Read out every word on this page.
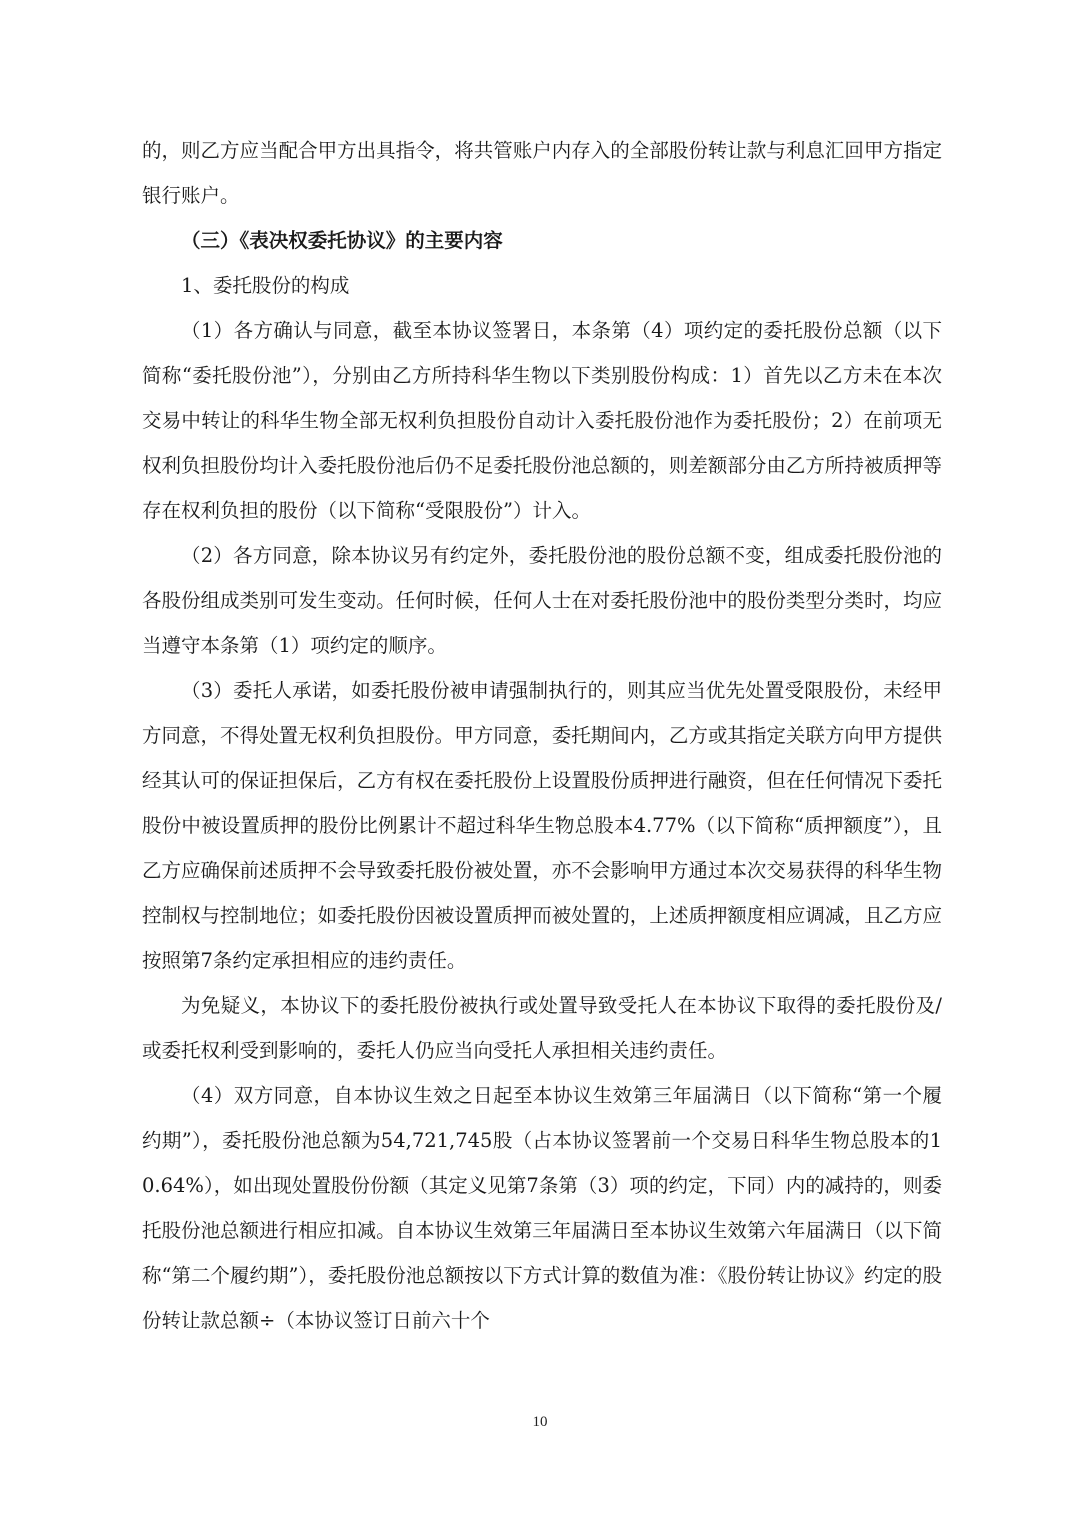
的，则乙方应当配合甲方出具指令，将共管账户内存入的全部股份转让款与利息汇回甲方指定银行账户。

（三）《表决权委托协议》的主要内容

1、委托股份的构成

（1）各方确认与同意，截至本协议签署日，本条第（4）项约定的委托股份总额（以下简称“委托股份池”），分别由乙方所持科华生物以下类别股份构成：1）首先以乙方未在本次交易中转让的科华生物全部无权利负担股份自动计入委托股份池作为委托股份；2）在前项无权利负担股份均计入委托股份池后仍不足委托股份池总额的，则差额部分由乙方所持被质押等存在权利负担的股份（以下简称“受限股份”）计入。

（2）各方同意，除本协议另有约定外，委托股份池的股份总额不变，组成委托股份池的各股份组成类别可发生变动。任何时候，任何人士在对委托股份池中的股份类型分类时，均应当遵守本条第（1）项约定的顺序。

（3）委托人承诺，如委托股份被申请强制执行的，则其应当优先处置受限股份，未经甲方同意，不得处置无权利负担股份。甲方同意，委托期间内，乙方或其指定关联方向甲方提供经其认可的保证担保后，乙方有权在委托股份上设置股份质押进行融资，但在任何情况下委托股份中被设置质押的股份比例累计不超过科华生物总股本4.77%（以下简称“质押额度”），且乙方应确保前述质押不会导致委托股份被处置，亦不会影响甲方通过本次交易获得的科华生物控制权与控制地位；如委托股份因被设置质押而被处置的，上述质押额度相应调减，且乙方应按照第7条约定承担相应的违约责任。

为免疑义，本协议下的委托股份被执行或处置导致受托人在本协议下取得的委托股份及/或委托权利受到影响的，委托人仍应当向受托人承担相关违约责任。

（4）双方同意，自本协议生效之日起至本协议生效第三年届满日（以下简称“第一个履约期”），委托股份池总额为54,721,745股（占本协议签署前一个交易日科华生物总股本的10.64%），如出现处置股份份额（其定义见第7条第（3）项的约定，下同）内的减持的，则委托股份池总额进行相应扣减。自本协议生效第三年届满日至本协议生效第六年届满日（以下简称“第二个履约期”），委托股份池总额按以下方式计算的数值为准：《股份转让协议》约定的股份转让款总额÷（本协议签订日前六十个

10
